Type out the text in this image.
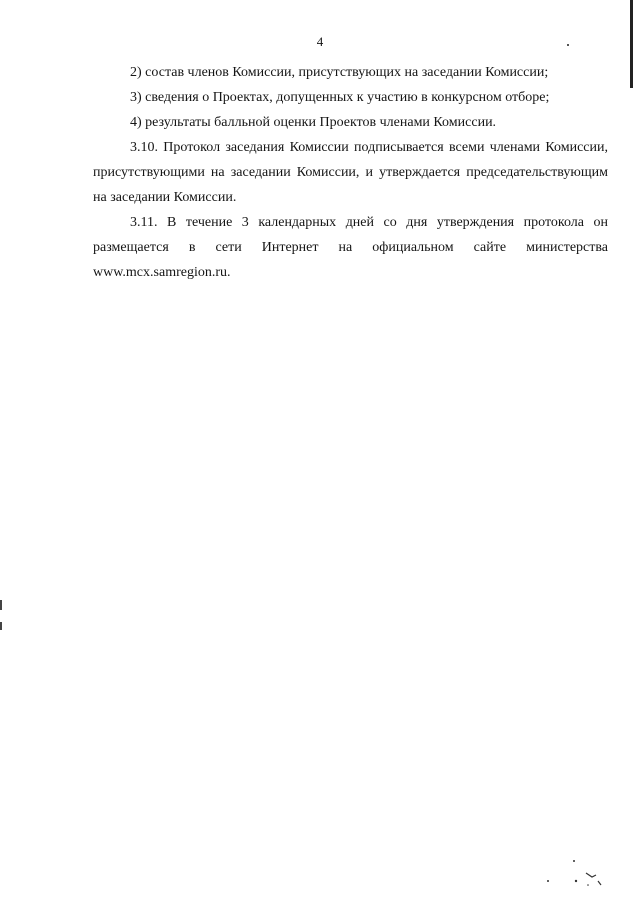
4

2) состав членов Комиссии, присутствующих на заседании Комиссии;

3) сведения о Проектах, допущенных к участию в конкурсном отборе;

4) результаты балльной оценки Проектов членами Комиссии.

3.10. Протокол заседания Комиссии подписывается всеми членами Комиссии, присутствующими на заседании Комиссии, и утверждается председательствующим на заседании Комиссии.

3.11. В течение 3 календарных дней со дня утверждения протокола он размещается в сети Интернет на официальном сайте министерства www.mcx.samregion.ru.
